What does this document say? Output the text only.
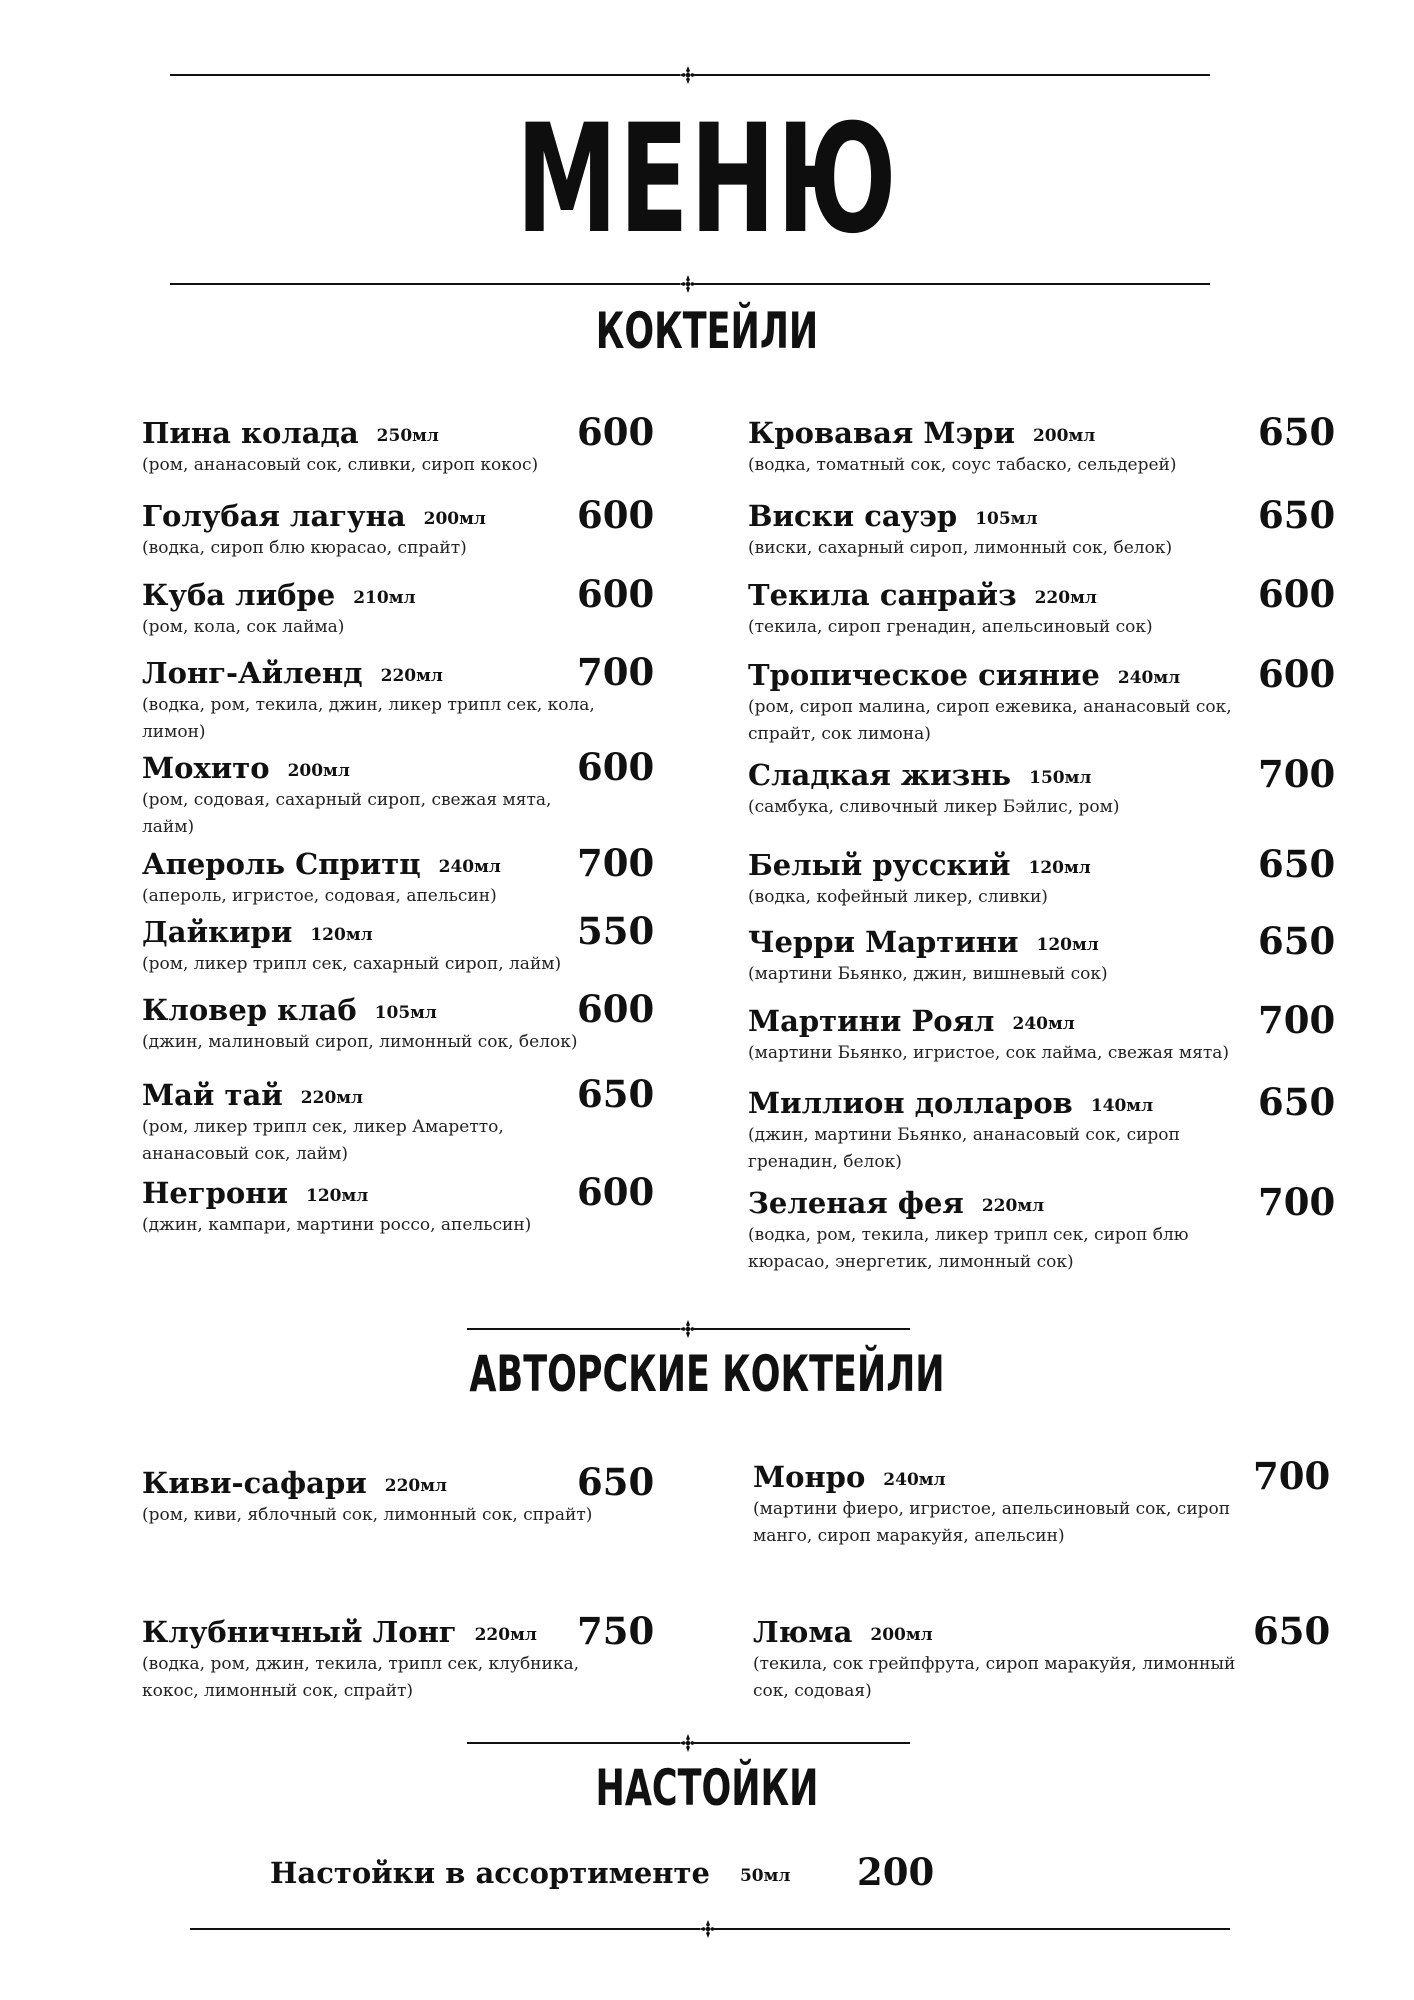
МЕНЮ
КОКТЕЙЛИ
Пина колада 250мл
(ром, ананасовый сок, сливки, сироп кокос)
600
Голубая лагуна 200мл
(водка, сироп блю кюрасао, спрайт)
600
Куба либре 210мл
(ром, кола, сок лайма)
600
Лонг-Айленд 220мл
(водка, ром, текила, джин, ликер трипл сек, кола, лимон)
700
Мохито 200мл
(ром, содовая, сахарный сироп, свежая мята, лайм)
600
Апероль Спритц 240мл
(апероль, игристое, содовая, апельсин)
700
Дайкири 120мл
(ром, ликер трипл сек, сахарный сироп, лайм)
550
Кловер клаб 105мл
(джин, малиновый сироп, лимонный сок, белок)
600
Май тай 220мл
(ром, ликер трипл сек, ликер Амаретто, ананасовый сок, лайм)
650
Негрони 120мл
(джин, кампари, мартини россо, апельсин)
600
Кровавая Мэри 200мл
(водка, томатный сок, соус табаско, сельдерей)
650
Виски сауэр 105мл
(виски, сахарный сироп, лимонный сок, белок)
650
Текила санрайз 220мл
(текила, сироп гренадин, апельсиновый сок)
600
Тропическое сияние 240мл
(ром, сироп малина, сироп ежевика, ананасовый сок, спрайт, сок лимона)
600
Сладкая жизнь 150мл
(самбука, сливочный ликер Бэйлис, ром)
700
Белый русский 120мл
(водка, кофейный ликер, сливки)
650
Черри Мартини 120мл
(мартини Бьянко, джин, вишневый сок)
650
Мартини Роял 240мл
(мартини Бьянко, игристое, сок лайма, свежая мята)
700
Миллион долларов 140мл
(джин, мартини Бьянко, ананасовый сок, сироп гренадин, белок)
650
Зеленая фея 220мл
(водка, ром, текила, ликер трипл сек, сироп блю кюрасао, энергетик, лимонный сок)
700
АВТОРСКИЕ КОКТЕЙЛИ
Киви-сафари 220мл
(ром, киви, яблочный сок, лимонный сок, спрайт)
650
Клубничный Лонг 220мл
(водка, ром, джин, текила, трипл сек, клубника, кокос, лимонный сок, спрайт)
750
Монро 240мл
(мартини фиеро, игристое, апельсиновый сок, сироп манго, сироп маракуйя, апельсин)
700
Люма 200мл
(текила, сок грейпфрута, сироп маракуйя, лимонный сок, содовая)
650
НАСТОЙКИ
Настойки в ассортименте 50мл 200
